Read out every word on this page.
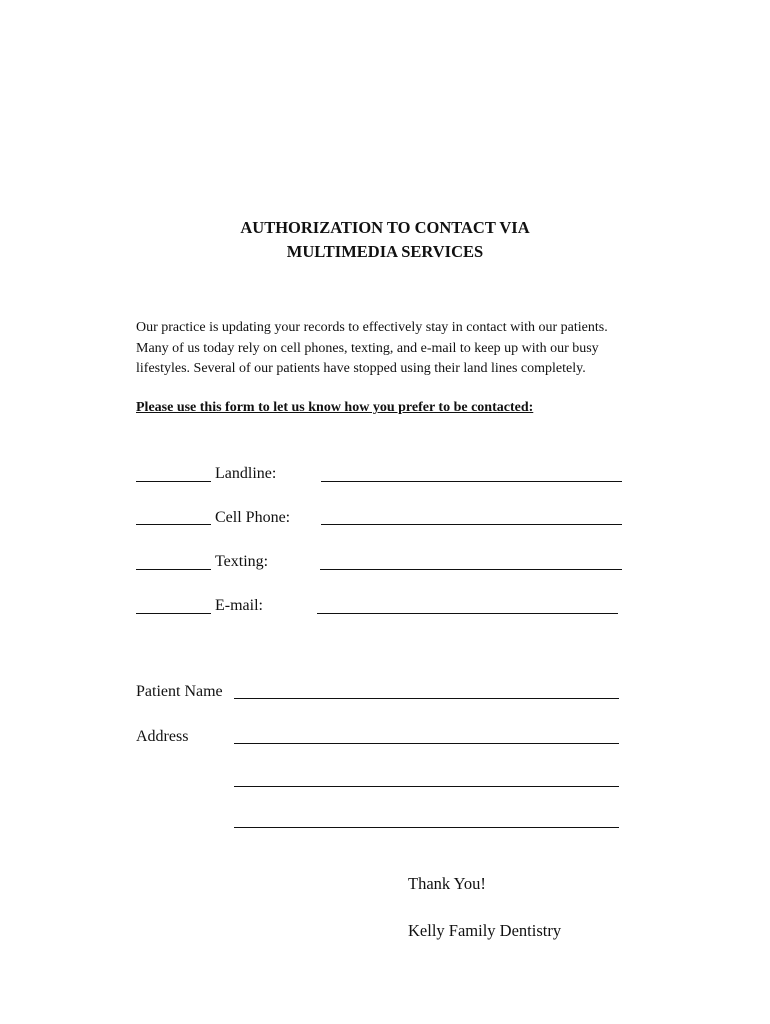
AUTHORIZATION TO CONTACT VIA
MULTIMEDIA SERVICES
Our practice is updating your records to effectively stay in contact with our patients.
Many of us today rely on cell phones, texting, and e-mail to keep up with our busy
lifestyles. Several of our patients have stopped using their land lines completely.
Please use this form to let us know how you prefer to be contacted:
Landline:
Cell Phone:
Texting:
E-mail:
Patient Name
Address
Thank You!
Kelly Family Dentistry
